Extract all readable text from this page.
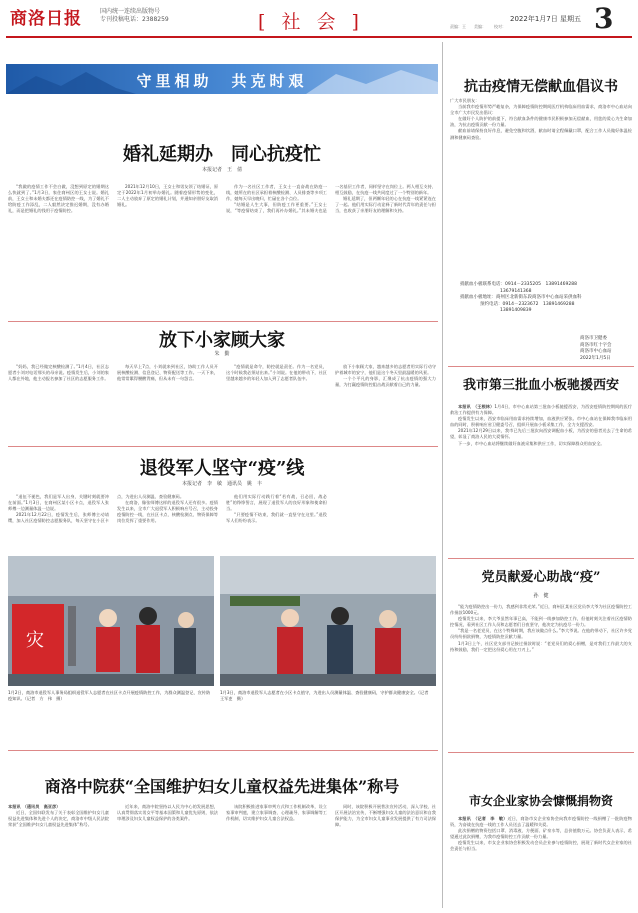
商洛日报	国内统一连续出版物号
专刊投稿电话：2388259	[ 社 会 ]	2022年1月7日 星期五
责编：王　　美编：　　校对：	3
守里相助　共克时艰
婚礼延期办　同心抗疫忙
本报记者　王　倩

“我做的疫情工作不会白做，没想到原定的婚期这么快就到了。”1月3日，家住商州区的王女士说。婚礼前，王女士和未婚夫都还在疫情防控一线，为了婚礼不给防疫工作添乱，二人毅然决定推迟婚期，没有办婚礼，而是把婚礼的钱用于疫情防控。

2021年12月10日，王女士和男友领了结婚证，原定于2022年1月初举办婚礼。随着疫情形势的变化，二人主动放弃了原定的婚礼计划，并通知亲朋好友取消婚礼。

作为一名社区工作者，王女士一直奋战在防疫一线，她所在的社区承担着核酸检测、人员排查等多项工作，她每天早出晚归，忙碌在各个点位。

“结婚是人生大事，但防疫工作更重要。”王女士说，“等疫情结束了，我们再补办婚礼。”其未婚夫也是一名基层工作者，同样坚守在岗位上。两人相互支持、相互鼓励，在抗疫一线共同度过了一个特别的新年。

婚礼延期了，但两颗年轻的心在抗疫一线紧紧连在了一起。他们用实际行动诠释了新时代青年的责任与担当，也收获了亲朋好友的理解和支持。

放下小家顾大家
朱　勤

“妈妈，我已经做完核酸检测了。”1月4日，社区志愿者小刘对电话那头的母亲说。疫情发生后，小刘的家人都在外地，他主动报名参加了社区的志愿服务工作。

每天早上7点，小刘就来到社区，协助工作人员开展核酸检测、信息登记、物资配送等工作。一天下来，他常常累得腰酸背痛，但从未有一句怨言。

“疫情就是命令，防控就是责任。作为一名党员，这个时候我必须站出来。”小刘说。在他的带动下，社区里越来越多的年轻人加入到了志愿者队伍中。

放下小家顾大家，越来越多的志愿者用实际行动守护着城市的安宁，他们是这个冬天里最温暖的风景。

一个个平凡的身影，汇聚成了抗击疫情的强大力量，为打赢疫情防控阻击战贡献着自己的力量。

退役军人坚守“疫”线
本报记者　李　敏　通讯员　姚　丰

“退伍不褪色，我们是军人出身，关键时刻就要冲在前面。”1月3日，在商州区某小区卡点，退役军人张师傅一边测量体温一边说。

2021年12月22日，疫情发生后，张师傅主动请缨，加入社区疫情防控志愿服务队，每天坚守在小区卡点，为进出人员测温、查验健康码。

在商洛，像张师傅这样的退役军人还有很多。疫情发生以来，全市广大退役军人积极响应号召，主动投身疫情防控一线，在社区卡点、核酸检测点、物资保障等岗位发挥了重要作用。

他们用实际行动践行着“若有战，召必回，战必胜”的铮铮誓言，展现了退役军人的良好形象和使命担当。

“只要疫情不结束，我们就一直坚守在这里。”退役军人们纷纷表示。

灾
1月2日，商洛市退役军人事务局组织退役军人志愿者在社区卡点开展疫情防控工作，为群众测温登记、宣传防疫知识。（记者　方　伟　摄）
1月3日，商洛市退役军人志愿者在小区卡点值守，为进出人员测量体温、查验健康码，守护群众健康安全。（记者　王军吏　摄）
商洛中院获“全国维护妇女儿童权益先进集体”称号

本报讯　（通讯员　高亚彦）

近日，全国妇联发布了关于表彰全国维护妇女儿童权益先进集体和先进个人的决定，商洛市中级人民法院荣获“全国维护妇女儿童权益先进集体”称号。

近年来，商洛中院坚持以人民为中心的发展思想，认真贯彻落实男女平等基本国策和儿童优先原则，依法审理涉及妇女儿童权益保护的各类案件。

该院积极推进家事审判方式和工作机制改革，设立家事审判庭，建立家事调查、心理疏导、家事调解等工作机制，切实维护妇女儿童合法权益。

同时，该院积极开展普法宣传活动，深入学校、社区开展法治宣传，不断增强妇女儿童的法治意识和自我保护能力，为全市妇女儿童事业发展提供了有力司法保障。

抗击疫情无偿献血倡议书

广大市民朋友：

当前我市疫情形势严峻复杂，为保障疫情防控期间医疗机构临床用血需求，商洛市中心血站向全市广大市民发出倡议：

在做好个人防护的前提下，符合献血条件的健康市民积极参加无偿献血，用您的爱心为生命加油，为抗击疫情贡献一份力量。

献血前请保持良好作息，避免空腹和饮酒，献血时请全程佩戴口罩，配合工作人员做好体温检测和健康码查验。

捐献血小板联系电话：0914－2335205　13891469288
13679141368
捐献血小板地址：商州区北新街东段商洛市中心血站采供血科
预约电话：0914－2323672　13891469288
13891409839
商洛市卫健委
商洛市红十字会
商洛市中心血站
2022年1月5日
我市第三批血小板驰援西安

本报讯　（王根林）1月4日，市中心血站第三批血小板驰援西安，为西安疫情防控期间的医疗救治工作提供有力保障。

疫情发生以来，西安市临床用血需求持续增加，血液供应紧张。市中心血站在保障我市临床用血的同时，积极响应省卫健委号召，组织开展血小板采集工作，全力支援西安。

2021年12月29日以来，我市已先后三批次向西安调配血小板，为西安的患者送去了生命的希望，彰显了商洛人民的大爱情怀。

下一步，市中心血站将继续做好血液采集和供应工作，切实保障群众用血安全。

党员献爱心助战“疫”
孙　健

“能为疫情防控出一份力，我感到非常光荣。”近日，商州区某社区党员李大爷为社区疫情防控工作捐款1000元。

疫情发生以来，李大爷虽然年事已高，不能到一线参加防控工作，但他时刻关注着社区疫情防控情况，看到社区工作人员和志愿者们日夜坚守，他决定为抗疫尽一份力。

“我是一名老党员，在这个特殊时期，我应该做点什么。”李大爷说。在他的带动下，社区许多党员纷纷捐款捐物，为疫情防控贡献力量。

1月3日上午，社区党支部书记接过捐款时说：“老党员们的爱心捐赠，是对我们工作最大的支持和鼓励，我们一定把这份爱心用在刀刃上。”

市女企业家协会慷慨捐物资

本报讯　（记者　李　敏）近日，商洛市女企业家协会向我市疫情防控一线捐赠了一批防疫物资，为奋战在抗疫一线的工作人员送去了温暖和关爱。

此次捐赠的物资包括口罩、消毒液、方便面、矿泉水等，总价值数万元。协会负责人表示，希望通过此次捐赠，为我市疫情防控工作贡献一份力量。

疫情发生以来，市女企业家协会积极发动会员企业参与疫情防控，展现了新时代女企业家的社会责任与担当。
